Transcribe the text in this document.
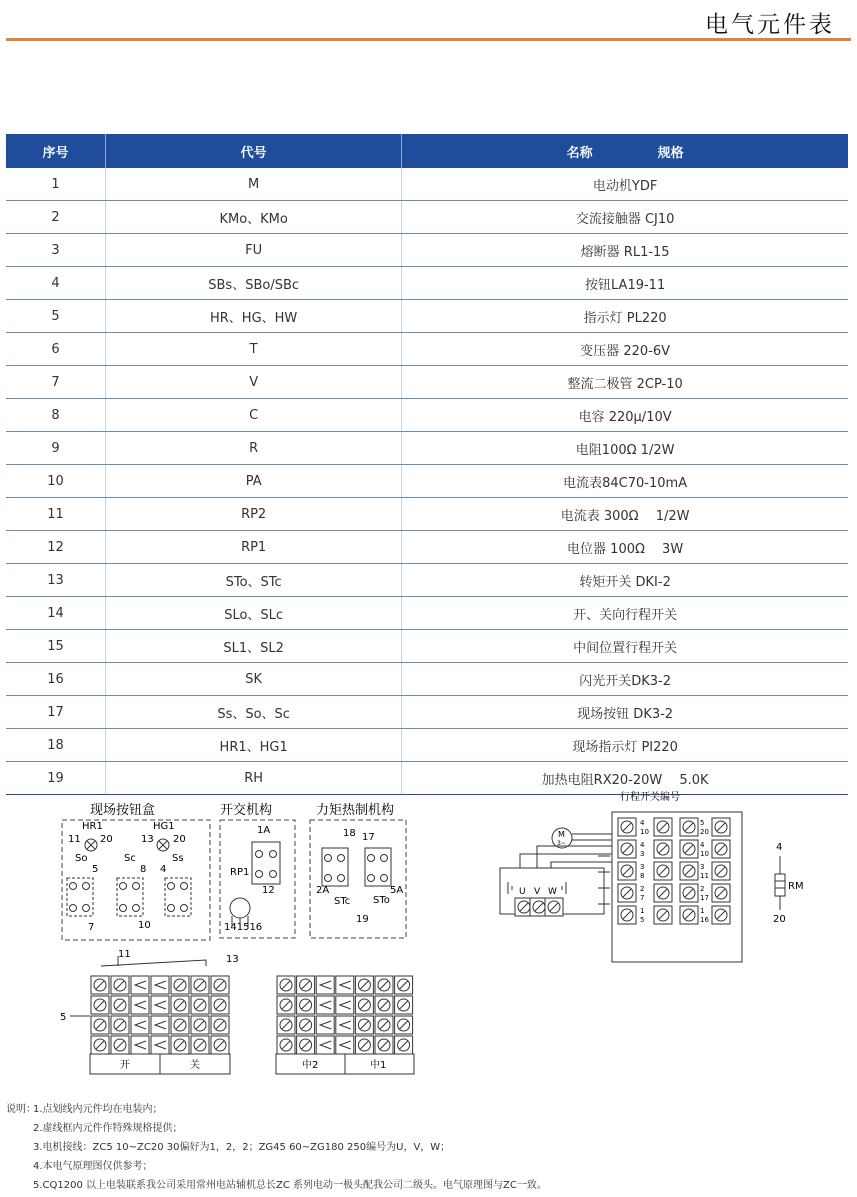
电气元件表
序号	代号	名称　　　　　规格
1	M	电动机YDF
2	KMo、KMo	交流接触器 CJ10
3	FU	熔断器 RL1-15
4	SBs、SBo/SBc	按钮LA19-11
5	HR、HG、HW	指示灯 PL220
6	T	变压器 220-6V
7	V	整流二极管 2CP-10
8	C	电容 220μ/10V
9	R	电阻100Ω 1/2W
10	PA	电流表84C70-10mA
11	RP2	电流表 300Ω　 1/2W
12	RP1	电位器 100Ω　 3W
13	STo、STc	转矩开关 DKI-2
14	SLo、SLc	开、关向行程开关
15	SL1、SL2	中间位置行程开关
16	SK	闪光开关DK3-2
17	Ss、So、Sc	现场按钮 DK3-2
18	HR1、HG1	现场指示灯 PI220
19	RH	加热电阻RX20-20W　 5.0K
现场按钮盒	开交机构	力矩热制机构
行程开关编号
HR1	HG1
11 20	13 20
So	Sc	Ss
5	8 4
7	10
1A
RP1
12
141516
18 17
2A	5A
STc STo
19
11	13
5
开	关	中2	中1
M
3~
U V W
4
10
5
20
4
3
4
10
3
8
3
11
2
7
2
17
1
5
1
16
4
RM
20
说明：
1.点划线内元件均在电装内；
2.虚线框内元件作特殊规格提供；
3.电机接线：ZC5 10~ZC20 30偏好为1，2，2；ZG45 60~ZG180 250编号为U，V，W；
4.本电气原理图仅供参考；
5.CQ1200 以上电装联系我公司采用常州电站辅机总长ZC 系列电动一极头配我公司二级头。电气原理图与ZC一致。
